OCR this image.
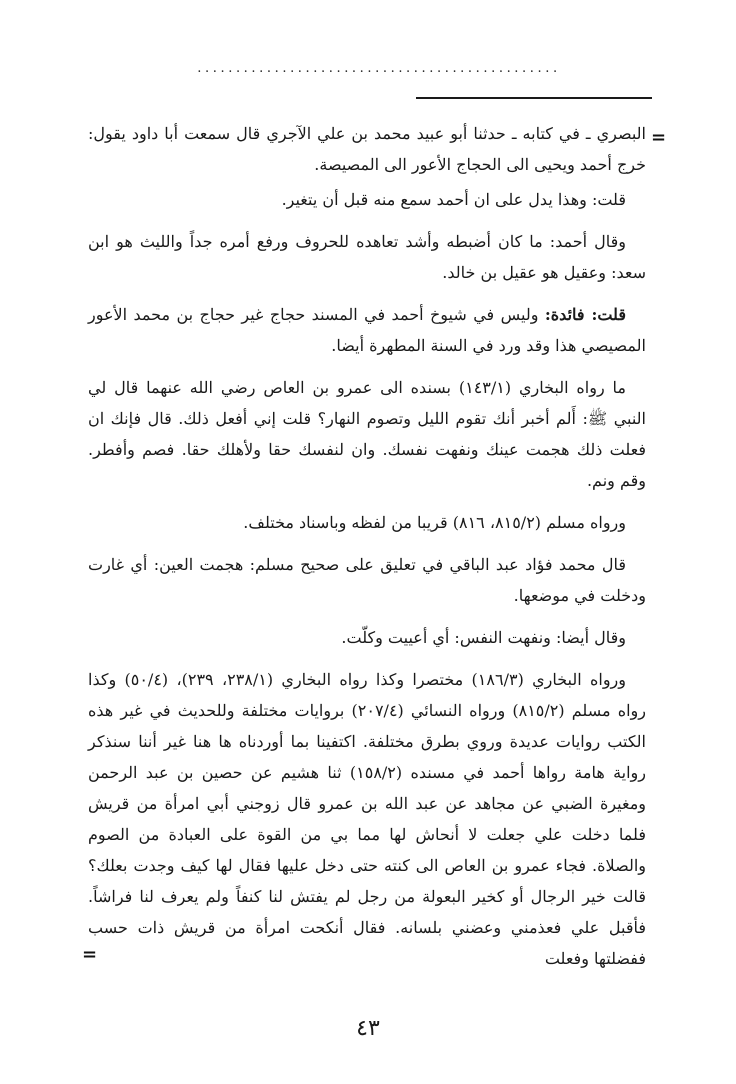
...............................................
=

البصري ـ في كتابه ـ حدثنا أبو عبيد محمد بن علي الآجري قال سمعت أبا داود يقول: خرج أحمد ويحيى الى الحجاج الأعور الى المصيصة.

قلت: وهذا يدل على ان أحمد سمع منه قبل أن يتغير.

وقال أحمد: ما كان أضبطه وأشد تعاهده للحروف ورفع أمره جداً والليث هو ابن سعد: وعقيل هو عقيل بن خالد.

قلت: فائدة: وليس في شيوخ أحمد في المسند حجاج غير حجاج بن محمد الأعور المصيصي هذا وقد ورد في السنة المطهرة أيضا.

ما رواه البخاري (١٤٣/١) بسنده الى عمرو بن العاص رضي الله عنهما قال لي النبي ﷺ: أَلم أخبر أنك تقوم الليل وتصوم النهار؟ قلت إني أفعل ذلك. قال فإنك ان فعلت ذلك هجمت عينك ونفهت نفسك. وان لنفسك حقا ولأهلك حقا. فصم وأفطر. وقم ونم.

ورواه مسلم (٨١٥/٢، ٨١٦) قريبا من لفظه وباسناد مختلف.

قال محمد فؤاد عبد الباقي في تعليق على صحيح مسلم: هجمت العين: أي غارت ودخلت في موضعها.

وقال أيضا: ونفهت النفس: أي أعييت وكلّت.

ورواه البخاري (١٨٦/٣) مختصرا وكذا رواه البخاري (٢٣٨/١، ٢٣٩)، (٥٠/٤) وكذا رواه مسلم (٨١٥/٢) ورواه النسائي (٢٠٧/٤) بروايات مختلفة وللحديث في غير هذه الكتب روايات عديدة وروي بطرق مختلفة. اكتفينا بما أوردناه ها هنا غير أننا سنذكر رواية هامة رواها أحمد في مسنده (١٥٨/٢) ثنا هشيم عن حصين بن عبد الرحمن ومغيرة الضبي عن مجاهد عن عبد الله بن عمرو قال زوجني أبي امرأة من قريش فلما دخلت علي جعلت لا أنحاش لها مما بي من القوة على العبادة من الصوم والصلاة. فجاء عمرو بن العاص الى كنته حتى دخل عليها فقال لها كيف وجدت بعلك؟ قالت خير الرجال أو كخير البعولة من رجل لم يفتش لنا كنفاً ولم يعرف لنا فراشاً. فأقبل علي فعذمني وعضني بلسانه. فقال أنكحت امرأة من قريش ذات حسب ففضلتها وفعلت

=
٤٣
